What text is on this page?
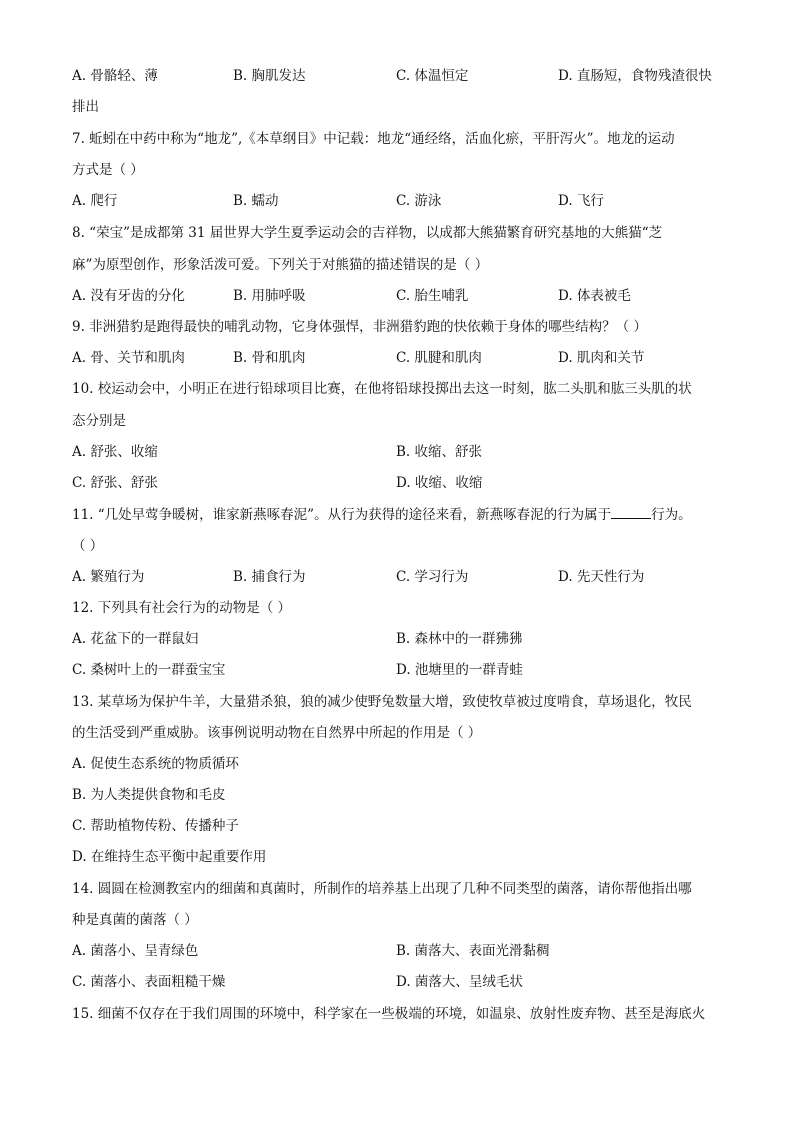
A. 骨骼轻、薄	B. 胸肌发达	C. 体温恒定	D. 直肠短，食物残渣很快
排出
7. 蚯蚓在中药中称为“地龙”,《本草纲目》中记载：地龙“通经络，活血化瘀，平肝泻火”。地龙的运动
方式是（ ）
A. 爬行	B. 蠕动	C. 游泳	D. 飞行
8. “荣宝”是成都第 31 届世界大学生夏季运动会的吉祥物，以成都大熊猫繁育研究基地的大熊猫“芝
麻”为原型创作，形象活泼可爱。下列关于对熊猫的描述错误的是（ ）
A. 没有牙齿的分化	B. 用肺呼吸	C. 胎生哺乳	D. 体表被毛
9. 非洲猎豹是跑得最快的哺乳动物，它身体强悍，非洲猎豹跑的快依赖于身体的哪些结构？（ ）
A. 骨、关节和肌肉	B. 骨和肌肉	C. 肌腱和肌肉	D. 肌肉和关节
10. 校运动会中，小明正在进行铅球项目比赛，在他将铅球投掷出去这一时刻，肱二头肌和肱三头肌的状
态分别是
A. 舒张、收缩	B. 收缩、舒张
C. 舒张、舒张	D. 收缩、收缩
11. “几处早莺争暖树，谁家新燕啄春泥”。从行为获得的途径来看，新燕啄春泥的行为属于	行为。
（ ）
A. 繁殖行为	B. 捕食行为	C. 学习行为	D. 先天性行为
12. 下列具有社会行为的动物是（ ）
A. 花盆下的一群鼠妇	B. 森林中的一群狒狒
C. 桑树叶上的一群蚕宝宝	D. 池塘里的一群青蛙
13. 某草场为保护牛羊，大量猎杀狼，狼的减少使野兔数量大增，致使牧草被过度啃食，草场退化，牧民
的生活受到严重威胁。该事例说明动物在自然界中所起的作用是（ ）
A. 促使生态系统的物质循环
B. 为人类提供食物和毛皮
C. 帮助植物传粉、传播种子
D. 在维持生态平衡中起重要作用
14. 圆圆在检测教室内的细菌和真菌时，所制作的培养基上出现了几种不同类型的菌落，请你帮他指出哪
种是真菌的菌落（ ）
A. 菌落小、呈青绿色	B. 菌落大、表面光滑黏稠
C. 菌落小、表面粗糙干燥	D. 菌落大、呈绒毛状
15. 细菌不仅存在于我们周围的环境中，科学家在一些极端的环境，如温泉、放射性废弃物、甚至是海底火
